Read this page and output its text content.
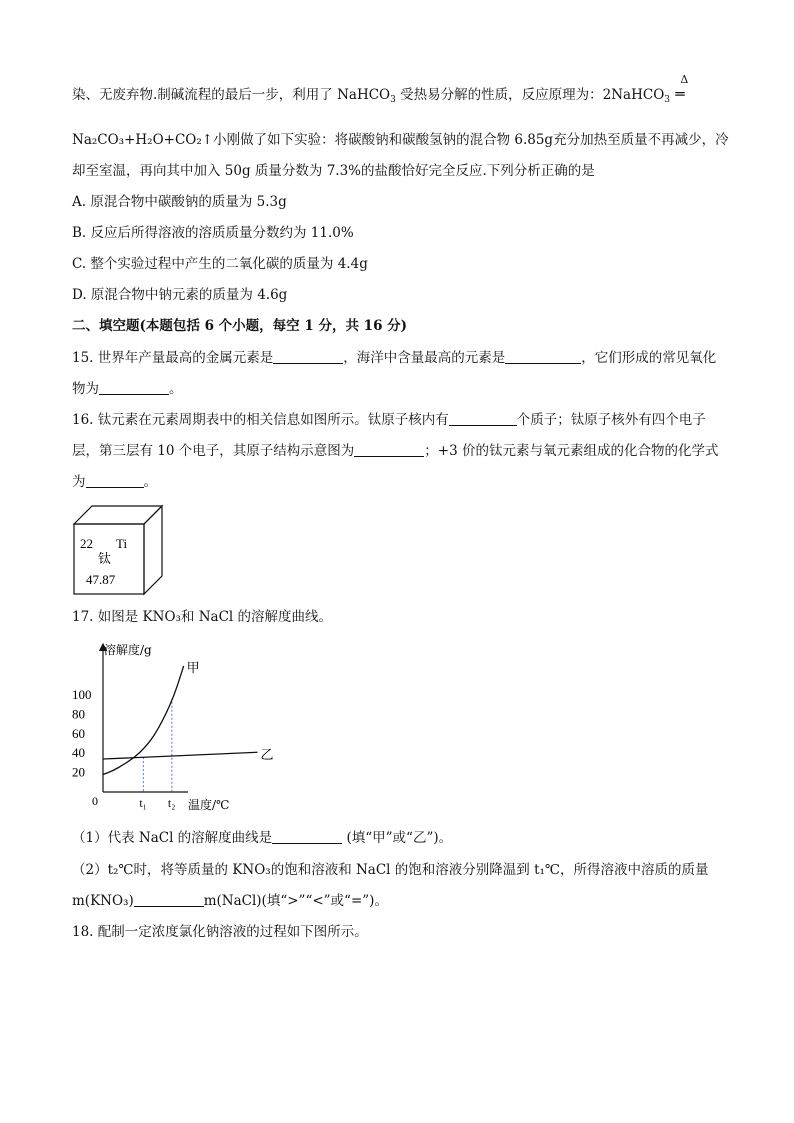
染、无废弃物.制碱流程的最后一步，利用了 NaHCO$_3$ 受热易分解的性质，反应原理为：2NaHCO$_3$
Δ
═
Na₂CO₃+H₂O+CO₂↑小刚做了如下实验：将碳酸钠和碳酸氢钠的混合物 6.85g充分加热至质量不再减少，冷
却至室温，再向其中加入 50g 质量分数为 7.3%的盐酸恰好完全反应.下列分析正确的是
A. 原混合物中碳酸钠的质量为 5.3g
B. 反应后所得溶液的溶质质量分数约为 11.0%
C. 整个实验过程中产生的二氧化碳的质量为 4.4g
D. 原混合物中钠元素的质量为 4.6g
二、填空题(本题包括 6 个小题，每空 1 分，共 16 分)
15. 世界年产量最高的金属元素是	，海洋中含量最高的元素是	，它们形成的常见氧化
物为	。
16. 钛元素在元素周期表中的相关信息如图所示。钛原子核内有	个质子；钛原子核外有四个电子
层，第三层有 10 个电子，其原子结构示意图为	；+3 价的钛元素与氧元素组成的化合物的化学式
为	。
22 Ti
钛
47.87
17. 如图是 KNO₃和 NaCl 的溶解度曲线。
溶解度/g
温度/℃
0
100
80
60
40
20
甲
乙
t₁ t₂
（1）代表 NaCl 的溶解度曲线是	(填“甲”或“乙”)。
（2）t₂℃时，将等质量的 KNO₃的饱和溶液和 NaCl 的饱和溶液分别降温到 t₁℃，所得溶液中溶质的质量
m(KNO₃)	m(NaCl)(填“>”“<”或“=”)。
18. 配制一定浓度氯化钠溶液的过程如下图所示。
